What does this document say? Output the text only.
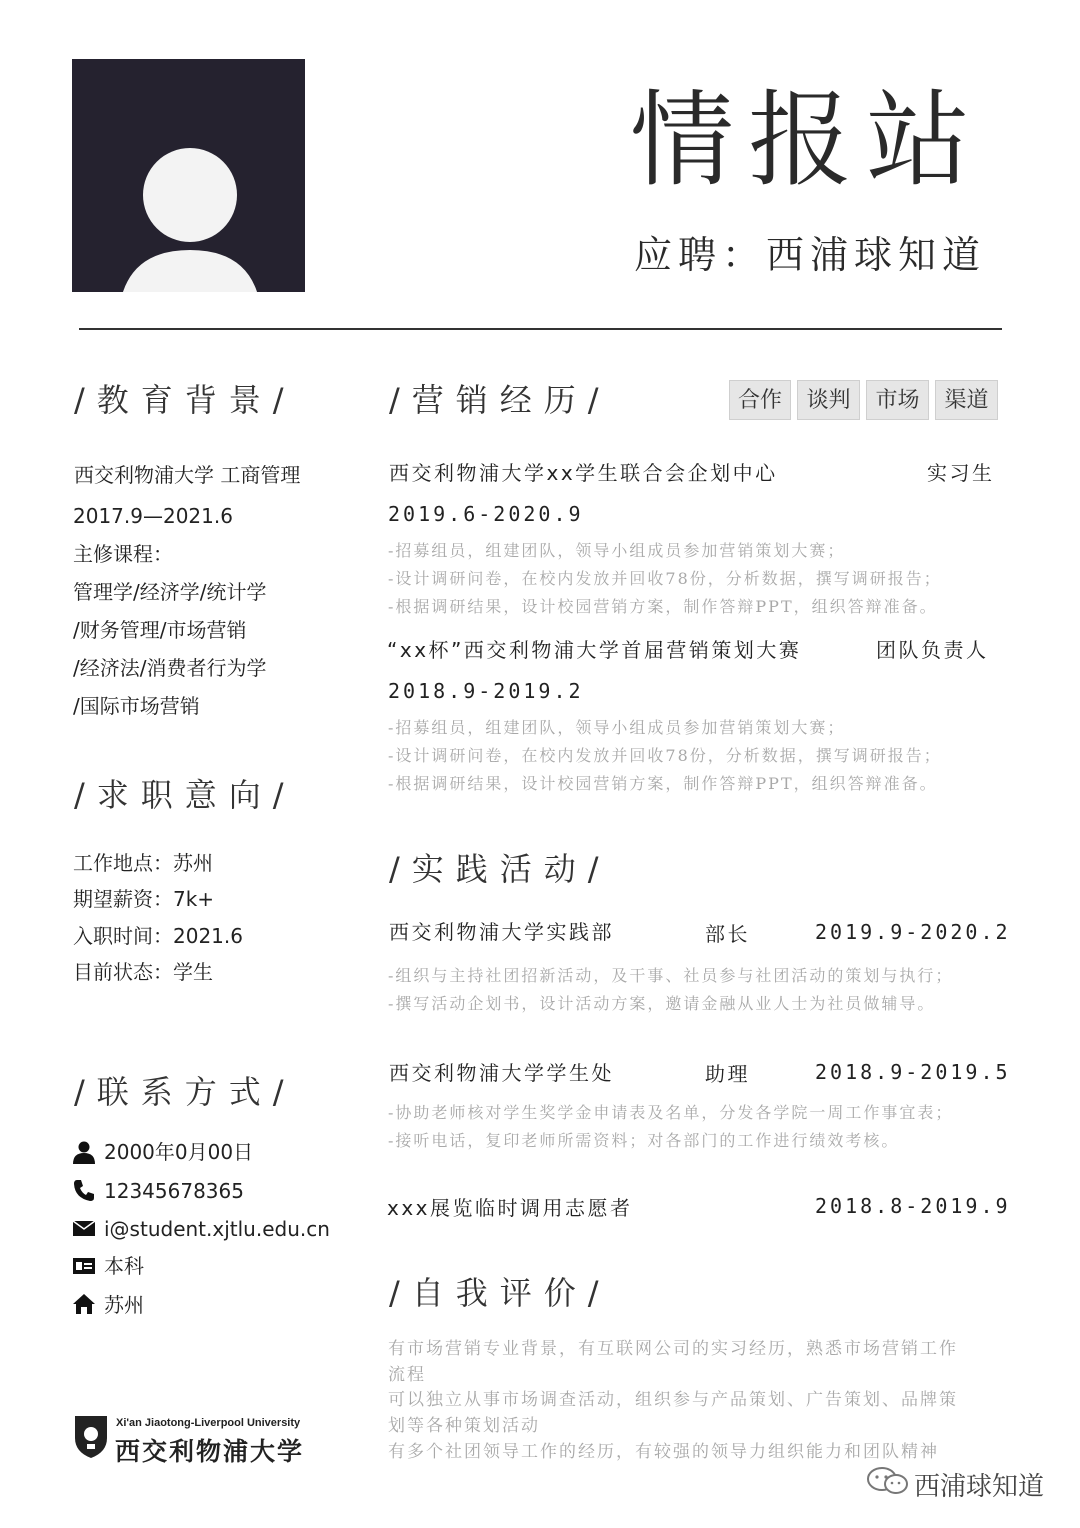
情报站
应聘：西浦球知道
/教育背景/
西交利物浦大学 工商管理
2017.9—2021.6
主修课程：
管理学/经济学/统计学
/财务管理/市场营销
/经济法/消费者行为学
/国际市场营销
/求职意向/
工作地点：苏州
期望薪资：7k+
入职时间：2021.6
目前状态：学生
/联系方式/
2000年0月00日
12345678365
i@student.xjtlu.edu.cn
本科
苏州
Xi'an Jiaotong-Liverpool University
西交利物浦大学
/营销经历/	合作	谈判	市场	渠道
西交利物浦大学xx学生联合会企划中心	实习生
2019.6-2020.9
-招募组员，组建团队，领导小组成员参加营销策划大赛；
-设计调研问卷，在校内发放并回收78份，分析数据，撰写调研报告；
-根据调研结果，设计校园营销方案，制作答辩PPT，组织答辩准备。
“xx杯”西交利物浦大学首届营销策划大赛	团队负责人
2018.9-2019.2
-招募组员，组建团队，领导小组成员参加营销策划大赛；
-设计调研问卷，在校内发放并回收78份，分析数据，撰写调研报告；
-根据调研结果，设计校园营销方案，制作答辩PPT，组织答辩准备。
/实践活动/
西交利物浦大学实践部	部长	2019.9-2020.2
-组织与主持社团招新活动，及干事、社员参与社团活动的策划与执行；
-撰写活动企划书，设计活动方案，邀请金融从业人士为社员做辅导。
西交利物浦大学学生处	助理	2018.9-2019.5
-协助老师核对学生奖学金申请表及名单，分发各学院一周工作事宜表；
-接听电话，复印老师所需资料；对各部门的工作进行绩效考核。
xxx展览临时调用志愿者	2018.8-2019.9
/自我评价/
有市场营销专业背景，有互联网公司的实习经历，熟悉市场营销工作
流程
可以独立从事市场调查活动，组织参与产品策划、广告策划、品牌策
划等各种策划活动
有多个社团领导工作的经历，有较强的领导力组织能力和团队精神
西浦球知道
